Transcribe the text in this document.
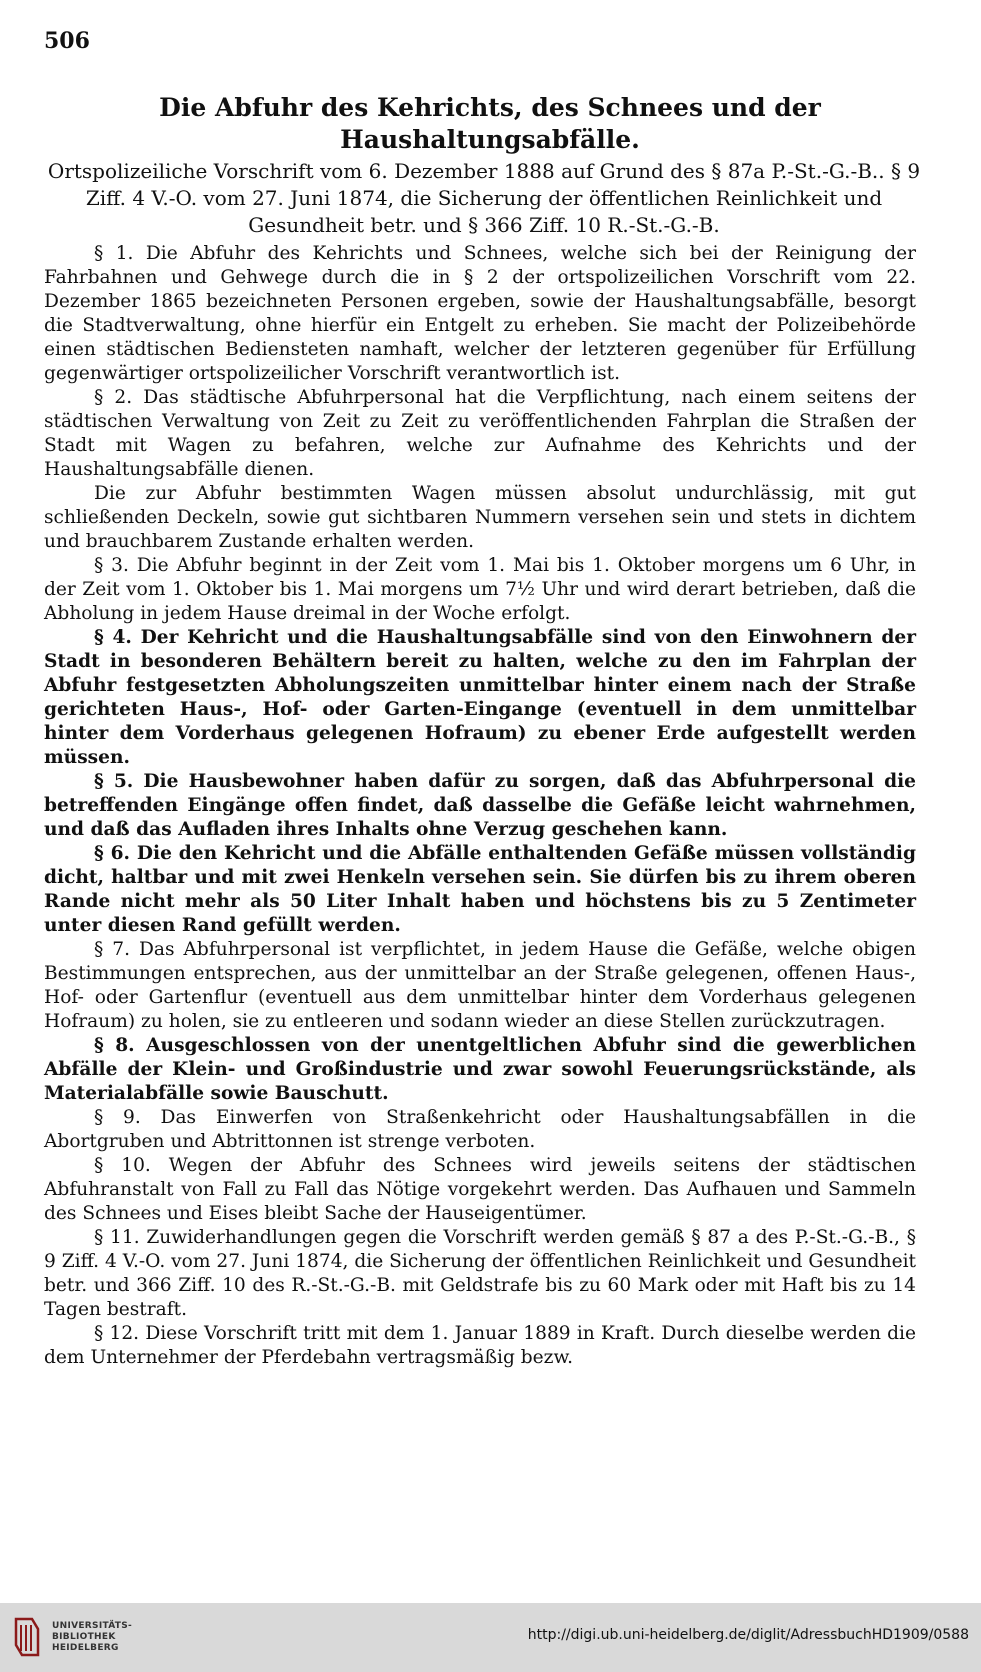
506
Die Abfuhr des Kehrichts, des Schnees und der Haushaltungsabfälle.
Ortspolizeiliche Vorschrift vom 6. Dezember 1888 auf Grund des § 87a P.-St.-G.-B.. § 9 Ziff. 4 V.-O. vom 27. Juni 1874, die Sicherung der öffentlichen Reinlichkeit und Gesundheit betr. und § 366 Ziff. 10 R.-St.-G.-B.

§ 1. Die Abfuhr des Kehrichts und Schnees, welche sich bei der Reinigung der Fahrbahnen und Gehwege durch die in § 2 der ortspolizeilichen Vorschrift vom 22. Dezember 1865 bezeichneten Personen ergeben, sowie der Haushaltungsabfälle, besorgt die Stadtverwaltung, ohne hierfür ein Entgelt zu erheben. Sie macht der Polizeibehörde einen städtischen Bediensteten namhaft, welcher der letzteren gegenüber für Erfüllung gegenwärtiger ortspolizeilicher Vorschrift verantwortlich ist.

§ 2. Das städtische Abfuhrpersonal hat die Verpflichtung, nach einem seitens der städtischen Verwaltung von Zeit zu Zeit zu veröffentlichenden Fahrplan die Straßen der Stadt mit Wagen zu befahren, welche zur Aufnahme des Kehrichts und der Haushaltungsabfälle dienen.

Die zur Abfuhr bestimmten Wagen müssen absolut undurchlässig, mit gut schließenden Deckeln, sowie gut sichtbaren Nummern versehen sein und stets in dichtem und brauchbarem Zustande erhalten werden.

§ 3. Die Abfuhr beginnt in der Zeit vom 1. Mai bis 1. Oktober morgens um 6 Uhr, in der Zeit vom 1. Oktober bis 1. Mai morgens um 7½ Uhr und wird derart betrieben, daß die Abholung in jedem Hause dreimal in der Woche erfolgt.

§ 4. Der Kehricht und die Haushaltungsabfälle sind von den Einwohnern der Stadt in besonderen Behältern bereit zu halten, welche zu den im Fahrplan der Abfuhr festgesetzten Abholungszeiten unmittelbar hinter einem nach der Straße gerichteten Haus-, Hof- oder Garten-Eingange (eventuell in dem unmittelbar hinter dem Vorderhaus gelegenen Hofraum) zu ebener Erde aufgestellt werden müssen.

§ 5. Die Hausbewohner haben dafür zu sorgen, daß das Abfuhrpersonal die betreffenden Eingänge offen findet, daß dasselbe die Gefäße leicht wahrnehmen, und daß das Aufladen ihres Inhalts ohne Verzug geschehen kann.

§ 6. Die den Kehricht und die Abfälle enthaltenden Gefäße müssen vollständig dicht, haltbar und mit zwei Henkeln versehen sein. Sie dürfen bis zu ihrem oberen Rande nicht mehr als 50 Liter Inhalt haben und höchstens bis zu 5 Zentimeter unter diesen Rand gefüllt werden.

§ 7. Das Abfuhrpersonal ist verpflichtet, in jedem Hause die Gefäße, welche obigen Bestimmungen entsprechen, aus der unmittelbar an der Straße gelegenen, offenen Haus-, Hof- oder Gartenflur (eventuell aus dem unmittelbar hinter dem Vorderhaus gelegenen Hofraum) zu holen, sie zu entleeren und sodann wieder an diese Stellen zurückzutragen.

§ 8. Ausgeschlossen von der unentgeltlichen Abfuhr sind die gewerblichen Abfälle der Klein- und Großindustrie und zwar sowohl Feuerungsrückstände, als Materialabfälle sowie Bauschutt.

§ 9. Das Einwerfen von Straßenkehricht oder Haushaltungsabfällen in die Abortgruben und Abtrittonnen ist strenge verboten.

§ 10. Wegen der Abfuhr des Schnees wird jeweils seitens der städtischen Abfuhranstalt von Fall zu Fall das Nötige vorgekehrt werden. Das Aufhauen und Sammeln des Schnees und Eises bleibt Sache der Hauseigentümer.

§ 11. Zuwiderhandlungen gegen die Vorschrift werden gemäß § 87 a des P.-St.-G.-B., § 9 Ziff. 4 V.-O. vom 27. Juni 1874, die Sicherung der öffentlichen Reinlichkeit und Gesundheit betr. und 366 Ziff. 10 des R.-St.-G.-B. mit Geldstrafe bis zu 60 Mark oder mit Haft bis zu 14 Tagen bestraft.

§ 12. Diese Vorschrift tritt mit dem 1. Januar 1889 in Kraft. Durch dieselbe werden die dem Unternehmer der Pferdebahn vertragsmäßig bezw.

UNIVERSITÄTS-
BIBLIOTHEK
HEIDELBERG
http://digi.ub.uni-heidelberg.de/diglit/AdressbuchHD1909/0588
